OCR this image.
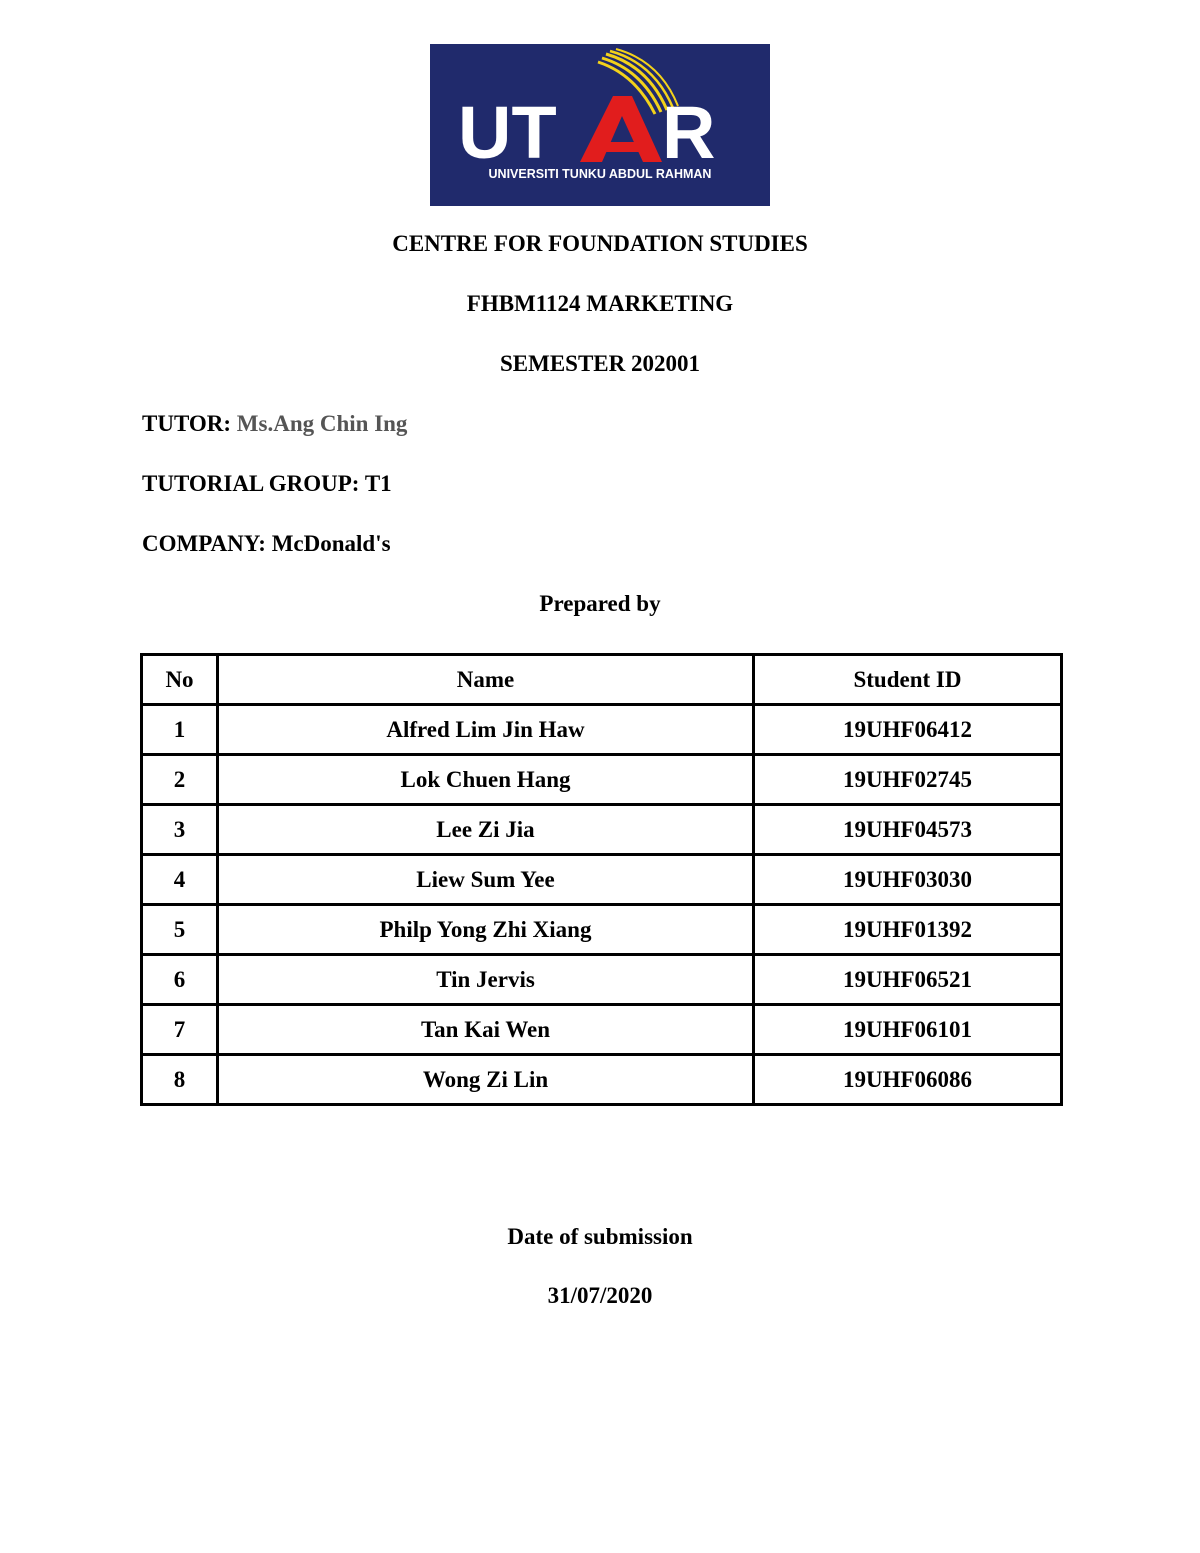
UT R
UNIVERSITI TUNKU ABDUL RAHMAN
CENTRE FOR FOUNDATION STUDIES
FHBM1124 MARKETING
SEMESTER 202001
TUTOR: Ms.Ang Chin Ing
TUTORIAL GROUP: T1
COMPANY: McDonald's
Prepared by
No	Name	Student ID
1	Alfred Lim Jin Haw	19UHF06412
2	Lok Chuen Hang	19UHF02745
3	Lee Zi Jia	19UHF04573
4	Liew Sum Yee	19UHF03030
5	Philp Yong Zhi Xiang	19UHF01392
6	Tin Jervis	19UHF06521
7	Tan Kai Wen	19UHF06101
8	Wong Zi Lin	19UHF06086
Date of submission
31/07/2020
